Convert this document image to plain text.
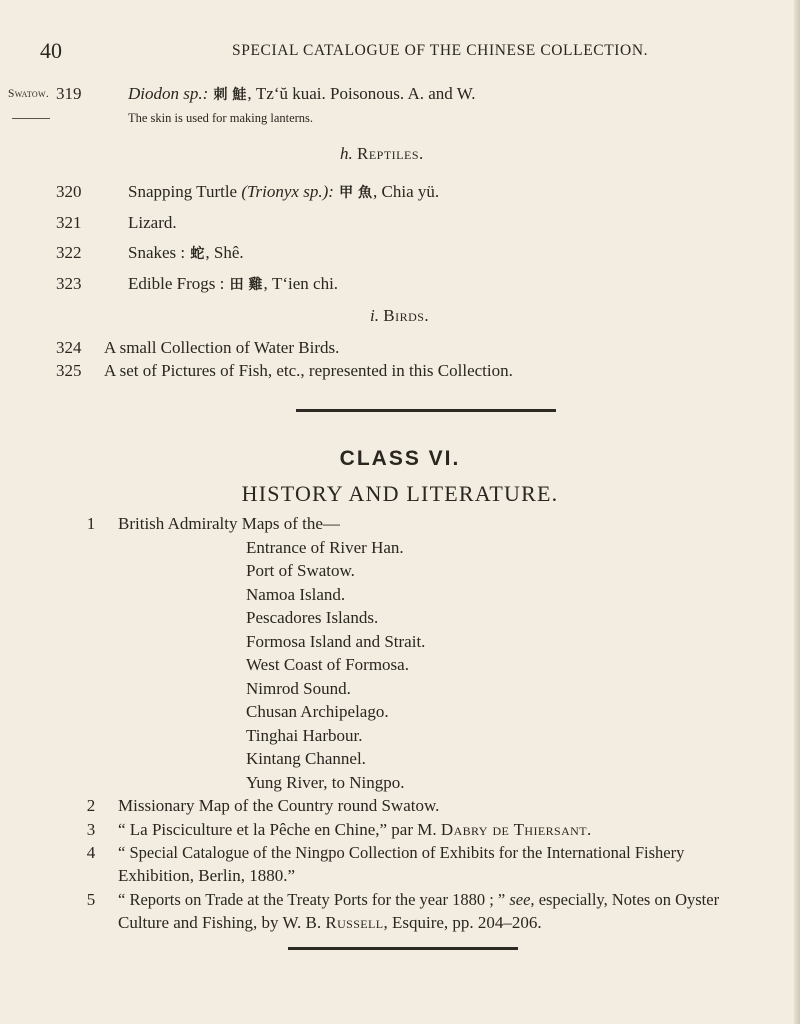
40	SPECIAL CATALOGUE OF THE CHINESE COLLECTION.
Swatow. 319	Diodon sp.: 刺 鮭, Tz‘ŭ kuai. Poisonous. A. and W.
The skin is used for making lanterns.
h. Reptiles.
320	Snapping Turtle (Trionyx sp.): 甲 魚, Chia yü.
321	Lizard.
322	Snakes : 蛇, Shê.
323	Edible Frogs : 田 雞, T‘ien chi.
i. Birds.
324 A small Collection of Water Birds.
325 A set of Pictures of Fish, etc., represented in this Collection.
CLASS VI.
HISTORY AND LITERATURE.
1 British Admiralty Maps of the—
Entrance of River Han.
Port of Swatow.
Namoa Island.
Pescadores Islands.
Formosa Island and Strait.
West Coast of Formosa.
Nimrod Sound.
Chusan Archipelago.
Tinghai Harbour.
Kintang Channel.
Yung River, to Ningpo.
2 Missionary Map of the Country round Swatow.
3 “ La Pisciculture et la Pêche en Chine,” par M. Dabry de Thiersant.
4 “ Special Catalogue of the Ningpo Collection of Exhibits for the International Fishery
Exhibition, Berlin, 1880.”
5 “ Reports on Trade at the Treaty Ports for the year 1880 ; ” see, especially, Notes on Oyster
Culture and Fishing, by W. B. Russell, Esquire, pp. 204–206.
